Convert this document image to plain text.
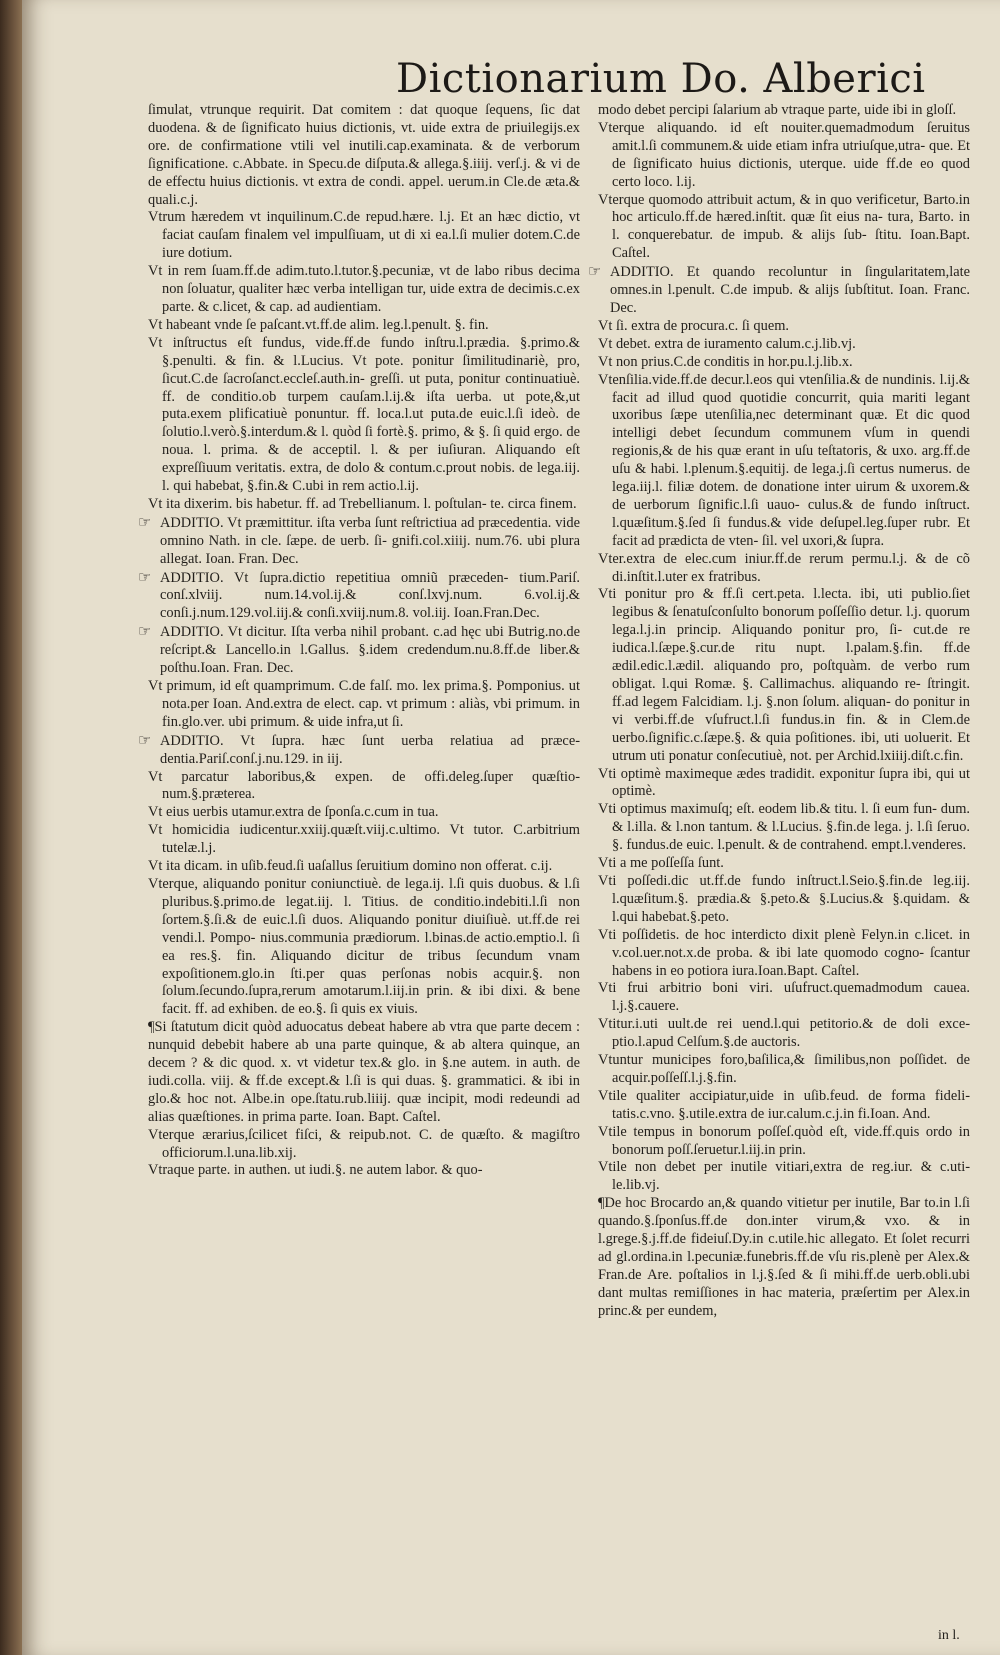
Dictionarium Do. Alberici
ſimulat, vtrunque requirit. Dat comitem : dat quoque ſequens, ſic dat duodena. & de ſignificato huius dictionis, vt. uide extra de priuilegijs.ex ore. de confirmatione vtili vel inutili.cap.examinata. & de verborum ſignificatione. c.Abbate. in Specu.de diſputa.& allega.§.iiij. verſ.j. & vi de de effectu huius dictionis. vt extra de condi. appel. uerum.in Cle.de æta.& quali.c.j.
Vtrum hæredem vt inquilinum.C.de repud.hære. l.j. Et an hæc dictio, vt faciat cauſam finalem vel impulſiuam, ut di xi ea.l.ſi mulier dotem.C.de iure dotium.
Vt in rem ſuam.ff.de adim.tuto.l.tutor.§.pecuniæ, vt de labo ribus decima non ſoluatur, qualiter hæc verba intelligan tur, uide extra de decimis.c.ex parte. & c.licet, & cap. ad audientiam.
Vt habeant vnde ſe paſcant.vt.ff.de alim. leg.l.penult. §. fin.
Vt inſtructus eſt fundus, vide.ff.de fundo inſtru.l.prædia. §.primo.& §.penulti. & fin. & l.Lucius. Vt pote. ponitur ſimilitudinariè, pro, ſicut.C.de ſacroſanct.eccleſ.auth.in- greſſi. ut puta, ponitur continuatiuè. ff. de conditio.ob turpem cauſam.l.ij.& iſta uerba. ut pote,&,ut puta.exem plificatiuè ponuntur. ff. loca.l.ut puta.de euic.l.ſi ideò. de ſolutio.l.verò.§.interdum.& l. quòd ſi fortè.§. primo, & §. ſi quid ergo. de noua. l. prima. & de acceptil. l. & per iuſiuran. Aliquando eſt expreſſiuum veritatis. extra, de dolo & contum.c.prout nobis. de lega.iij. l. qui habebat, §.fin.& C.ubi in rem actio.l.ij.
Vt ita dixerim. bis habetur. ff. ad Trebellianum. l. poſtulan- te. circa finem.
☞ ADDITIO. Vt præmittitur. iſta verba ſunt reſtrictiua ad præcedentia. vide omnino Nath. in cle. ſæpe. de uerb. ſi- gnifi.col.xiiij. num.76. ubi plura allegat. Ioan. Fran. Dec.
☞ ADDITIO. Vt ſupra.dictio repetitiua omniũ præceden- tium.Pariſ. conſ.xlviij. num.14.vol.ij.& conſ.lxvj.num. 6.vol.ij.& conſi.j.num.129.vol.iij.& conſi.xviij.num.8. vol.iij. Ioan.Fran.Dec.
☞ ADDITIO. Vt dicitur. Iſta verba nihil probant. c.ad hęc ubi Butrig.no.de reſcript.& Lancello.in l.Gallus. §.idem credendum.nu.8.ff.de liber.& poſthu.Ioan. Fran. Dec.
Vt primum, id eſt quamprimum. C.de falſ. mo. lex prima.§. Pomponius. ut nota.per Ioan. And.extra de elect. cap. vt primum : aliàs, vbi primum. in fin.glo.ver. ubi primum. & uide infra,ut ſi.
☞ ADDITIO. Vt ſupra. hæc ſunt uerba relatiua ad præce- dentia.Pariſ.conſ.j.nu.129. in iij.
Vt parcatur laboribus,& expen. de offi.deleg.ſuper quæſtio- num.§.præterea.
Vt eius uerbis utamur.extra de ſponſa.c.cum in tua.
Vt homicidia iudicentur.xxiij.quæſt.viij.c.ultimo. Vt tutor. C.arbitrium tutelæ.l.j.
Vt ita dicam. in uſib.feud.ſi uaſallus ſeruitium domino non offerat. c.ij.
Vterque, aliquando ponitur coniunctiuè. de lega.ij. l.ſi quis duobus. & l.ſi pluribus.§.primo.de legat.iij. l. Titius. de conditio.indebiti.l.ſi non ſortem.§.ſi.& de euic.l.ſi duos. Aliquando ponitur diuiſiuè. ut.ff.de rei vendi.l. Pompo- nius.communia prædiorum. l.binas.de actio.emptio.l. ſi ea res.§. fin. Aliquando dicitur de tribus ſecundum vnam expoſitionem.glo.in ſti.per quas perſonas nobis acquir.§. non ſolum.ſecundo.ſupra,rerum amotarum.l.iij.in prin. & ibi dixi. & bene facit. ff. ad exhiben. de eo.§. ſi quis ex viuis.
¶Si ſtatutum dicit quòd aduocatus debeat habere ab vtra que parte decem : nunquid debebit habere ab una parte quinque, & ab altera quinque, an decem ? & dic quod. x. vt videtur tex.& glo. in §.ne autem. in auth. de iudi.colla. viij. & ff.de except.& l.ſi is qui duas. §. grammatici. & ibi in glo.& hoc not. Albe.in ope.ſtatu.rub.liiij. quæ incipit, modi redeundi ad alias quæſtiones. in prima parte. Ioan. Bapt. Caſtel.
Vterque ærarius,ſcilicet fiſci, & reipub.not. C. de quæſto. & magiſtro officiorum.l.una.lib.xij.
Vtraque parte. in authen. ut iudi.§. ne autem labor. & quo-
modo debet percipi ſalarium ab vtraque parte, uide ibi in gloſſ.
Vterque aliquando. id eſt nouiter.quemadmodum ſeruitus amit.l.ſi communem.& uide etiam infra utriuſque,utra- que. Et de ſignificato huius dictionis, uterque. uide ff.de eo quod certo loco. l.ij.
Vterque quomodo attribuit actum, & in quo verificetur, Barto.in hoc articulo.ff.de hæred.inſtit. quæ ſit eius na- tura, Barto. in l. conquerebatur. de impub. & alijs ſub- ſtitu. Ioan.Bapt. Caſtel.
☞ ADDITIO. Et quando recoluntur in ſingularitatem,late omnes.in l.penult. C.de impub. & alijs ſubſtitut. Ioan. Franc. Dec.
Vt ſi. extra de procura.c. ſi quem.
Vt debet. extra de iuramento calum.c.j.lib.vj.
Vt non prius.C.de conditis in hor.pu.l.j.lib.x.
Vtenſilia.vide.ff.de decur.l.eos qui vtenſilia.& de nundinis. l.ij.& facit ad illud quod quotidie concurrit, quia mariti legant uxoribus ſæpe utenſilia,nec determinant quæ. Et dic quod intelligi debet ſecundum communem vſum in quendi regionis,& de his quæ erant in uſu teſtatoris, & uxo. arg.ff.de uſu & habi. l.plenum.§.equitij. de lega.j.ſi certus numerus. de lega.iij.l. filiæ dotem. de donatione inter uirum & uxorem.& de uerborum ſignific.l.ſi uauo- culus.& de fundo inſtruct. l.quæſitum.§.ſed ſi fundus.& vide deſupel.leg.ſuper rubr. Et facit ad prædicta de vten- ſil. vel uxori,& ſupra.
Vter.extra de elec.cum iniur.ff.de rerum permu.l.j. & de cõ di.inſtit.l.uter ex fratribus.
Vti ponitur pro & ff.ſi cert.peta. l.lecta. ibi, uti publio.ſiet legibus & ſenatuſconſulto bonorum poſſeſſio detur. l.j. quorum lega.l.j.in princip. Aliquando ponitur pro, ſi- cut.de re iudica.l.ſæpe.§.cur.de ritu nupt. l.palam.§.fin. ff.de ædil.edic.l.ædil. aliquando pro, poſtquàm. de verbo rum obligat. l.qui Romæ. §. Callimachus. aliquando re- ſtringit. ff.ad legem Falcidiam. l.j. §.non ſolum. aliquan- do ponitur in vi verbi.ff.de vſufruct.l.ſi fundus.in fin. & in Clem.de uerbo.ſignific.c.ſæpe.§. & quia poſitiones. ibi, uti uoluerit. Et utrum uti ponatur conſecutiuè, not. per Archid.lxiiij.diſt.c.fin.
Vti optimè maximeque ædes tradidit. exponitur ſupra ibi, qui ut optimè.
Vti optimus maximuſq; eſt. eodem lib.& titu. l. ſi eum fun- dum. & l.illa. & l.non tantum. & l.Lucius. §.fin.de lega. j. l.ſi ſeruo. §. fundus.de euic. l.penult. & de contrahend. empt.l.venderes.
Vti a me poſſeſſa ſunt.
Vti poſſedi.dic ut.ff.de fundo inſtruct.l.Seio.§.fin.de leg.iij. l.quæſitum.§. prædia.& §.peto.& §.Lucius.& §.quidam. & l.qui habebat.§.peto.
Vti poſſidetis. de hoc interdicto dixit plenè Felyn.in c.licet. in v.col.uer.not.x.de proba. & ibi late quomodo cogno- ſcantur habens in eo potiora iura.Ioan.Bapt. Caſtel.
Vti frui arbitrio boni viri. uſufruct.quemadmodum cauea. l.j.§.cauere.
Vtitur.i.uti uult.de rei uend.l.qui petitorio.& de doli exce- ptio.l.apud Celſum.§.de auctoris.
Vtuntur municipes foro,baſilica,& ſimilibus,non poſſidet. de acquir.poſſeſſ.l.j.§.fin.
Vtile qualiter accipiatur,uide in uſib.feud. de forma fideli- tatis.c.vno. §.utile.extra de iur.calum.c.j.in fi.Ioan. And.
Vtile tempus in bonorum poſſeſ.quòd eſt, vide.ff.quis ordo in bonorum poſſ.ſeruetur.l.iij.in prin.
Vtile non debet per inutile vitiari,extra de reg.iur. & c.uti- le.lib.vj.
¶De hoc Brocardo an,& quando vitietur per inutile, Bar to.in l.ſi quando.§.ſponſus.ff.de don.inter virum,& vxo. & in l.grege.§.j.ff.de fideiuſ.Dy.in c.utile.hic allegato. Et ſolet recurri ad gl.ordina.in l.pecuniæ.funebris.ff.de vſu ris.plenè per Alex.& Fran.de Are. poſtalios in l.j.§.ſed & ſi mihi.ff.de uerb.obli.ubi dant multas remiſſiones in hac materia, præſertim per Alex.in princ.& per eundem,
in l.
